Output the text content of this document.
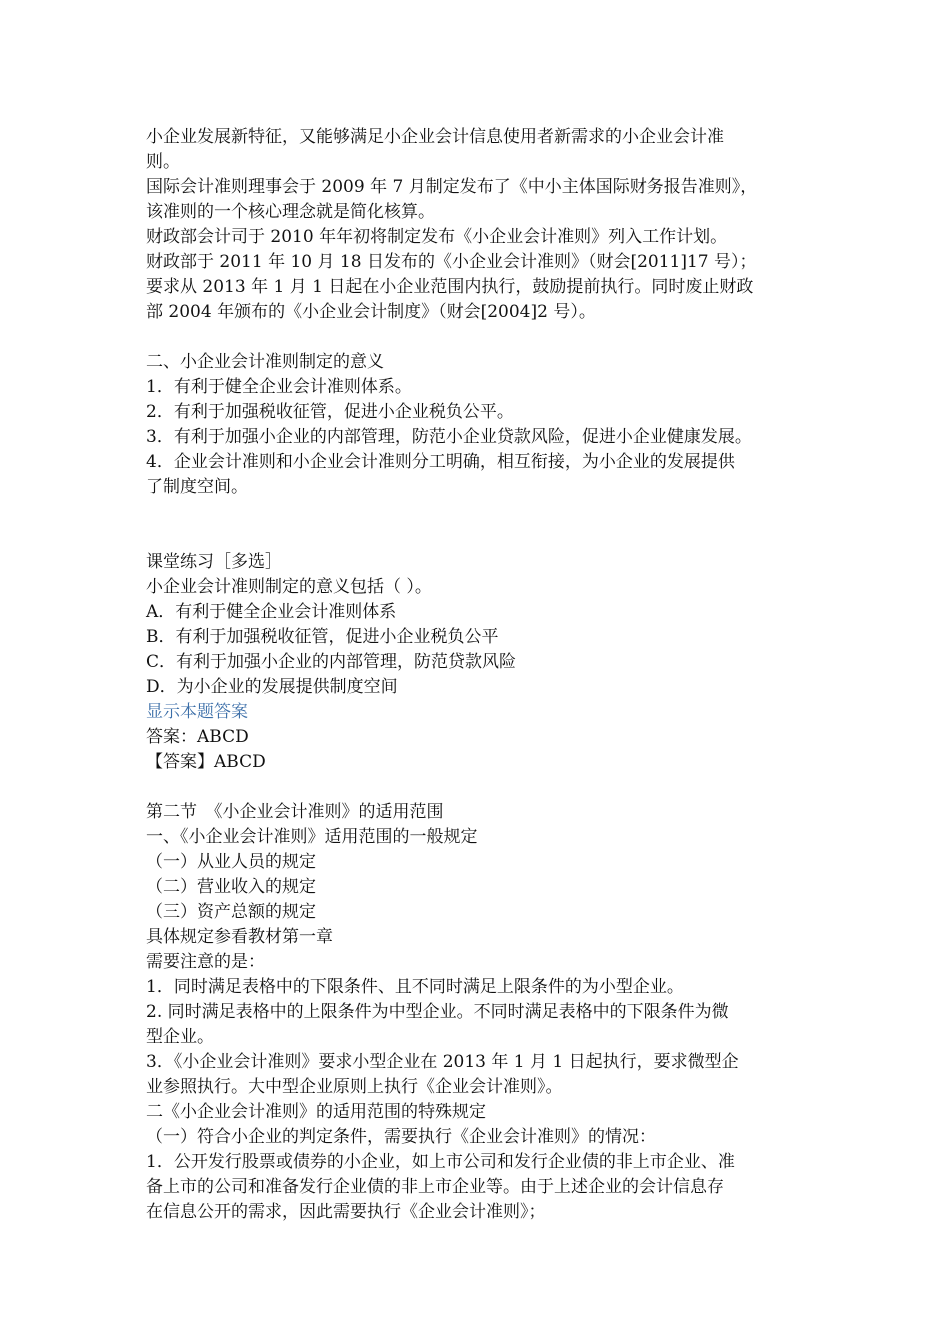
小企业发展新特征，又能够满足小企业会计信息使用者新需求的小企业会计准
则。
国际会计准则理事会于 2009 年 7 月制定发布了《中小主体国际财务报告准则》，
该准则的一个核心理念就是简化核算。
财政部会计司于 2010 年年初将制定发布《小企业会计准则》列入工作计划。
财政部于 2011 年 10 月 18 日发布的《小企业会计准则》（财会[2011]17 号）；
要求从 2013 年 1 月 1 日起在小企业范围内执行，鼓励提前执行。同时废止财政
部 2004 年颁布的《小企业会计制度》（财会[2004]2 号）。
二、小企业会计准则制定的意义
1．有利于健全企业会计准则体系。
2．有利于加强税收征管，促进小企业税负公平。
3．有利于加强小企业的内部管理，防范小企业贷款风险，促进小企业健康发展。
4．企业会计准则和小企业会计准则分工明确，相互衔接，为小企业的发展提供
了制度空间。
课堂练习［多选］
小企业会计准则制定的意义包括（ ）。
A．有利于健全企业会计准则体系
B．有利于加强税收征管，促进小企业税负公平
C．有利于加强小企业的内部管理，防范贷款风险
D．为小企业的发展提供制度空间
显示本题答案
答案：ABCD
【答案】ABCD
第二节　《小企业会计准则》的适用范围
一、《小企业会计准则》适用范围的一般规定
（一）从业人员的规定
（二）营业收入的规定
（三）资产总额的规定
具体规定参看教材第一章
需要注意的是：
1．同时满足表格中的下限条件、且不同时满足上限条件的为小型企业。
2. 同时满足表格中的上限条件为中型企业。不同时满足表格中的下限条件为微
型企业。
3．《小企业会计准则》要求小型企业在 2013 年 1 月 1 日起执行，要求微型企
业参照执行。大中型企业原则上执行《企业会计准则》。
二《小企业会计准则》的适用范围的特殊规定
（一）符合小企业的判定条件，需要执行《企业会计准则》的情况：
1．公开发行股票或债券的小企业，如上市公司和发行企业债的非上市企业、准
备上市的公司和准备发行企业债的非上市企业等。由于上述企业的会计信息存
在信息公开的需求，因此需要执行《企业会计准则》；
